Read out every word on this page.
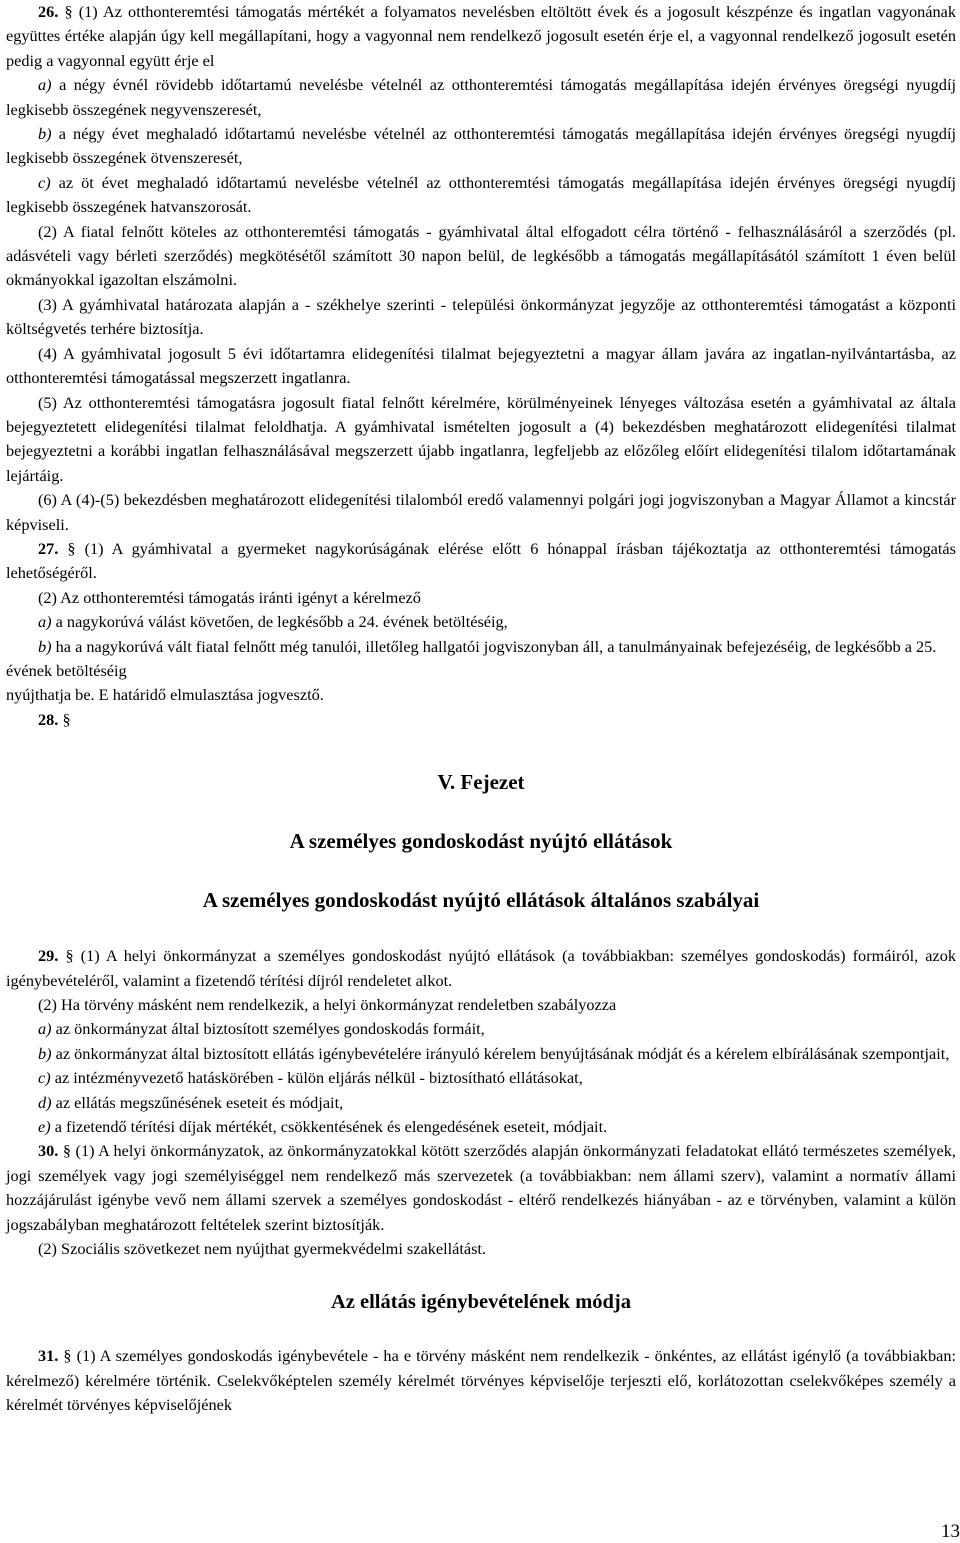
26. § (1) Az otthonteremtési támogatás mértékét a folyamatos nevelésben eltöltött évek és a jogosult készpénze és ingatlan vagyonának együttes értéke alapján úgy kell megállapítani, hogy a vagyonnal nem rendelkező jogosult esetén érje el, a vagyonnal rendelkező jogosult esetén pedig a vagyonnal együtt érje el

a) a négy évnél rövidebb időtartamú nevelésbe vételnél az otthonteremtési támogatás megállapítása idején érvényes öregségi nyugdíj legkisebb összegének negyvenszeresét,

b) a négy évet meghaladó időtartamú nevelésbe vételnél az otthonteremtési támogatás megállapítása idején érvényes öregségi nyugdíj legkisebb összegének ötvenszeresét,

c) az öt évet meghaladó időtartamú nevelésbe vételnél az otthonteremtési támogatás megállapítása idején érvényes öregségi nyugdíj legkisebb összegének hatvanszorosát.

(2) A fiatal felnőtt köteles az otthonteremtési támogatás - gyámhivatal által elfogadott célra történő - felhasználásáról a szerződés (pl. adásvételi vagy bérleti szerződés) megkötésétől számított 30 napon belül, de legkésőbb a támogatás megállapításától számított 1 éven belül okmányokkal igazoltan elszámolni.

(3) A gyámhivatal határozata alapján a - székhelye szerinti - települési önkormányzat jegyzője az otthonteremtési támogatást a központi költségvetés terhére biztosítja.

(4) A gyámhivatal jogosult 5 évi időtartamra elidegenítési tilalmat bejegyeztetni a magyar állam javára az ingatlan-nyilvántartásba, az otthonteremtési támogatással megszerzett ingatlanra.

(5) Az otthonteremtési támogatásra jogosult fiatal felnőtt kérelmére, körülményeinek lényeges változása esetén a gyámhivatal az általa bejegyeztetett elidegenítési tilalmat feloldhatja. A gyámhivatal ismételten jogosult a (4) bekezdésben meghatározott elidegenítési tilalmat bejegyeztetni a korábbi ingatlan felhasználásával megszerzett újabb ingatlanra, legfeljebb az előzőleg előírt elidegenítési tilalom időtartamának lejártáig.

(6) A (4)-(5) bekezdésben meghatározott elidegenítési tilalomból eredő valamennyi polgári jogi jogviszonyban a Magyar Államot a kincstár képviseli.

27. § (1) A gyámhivatal a gyermeket nagykorúságának elérése előtt 6 hónappal írásban tájékoztatja az otthonteremtési támogatás lehetőségéről.

(2) Az otthonteremtési támogatás iránti igényt a kérelmező

a) a nagykorúvá válást követően, de legkésőbb a 24. évének betöltéséig,

b) ha a nagykorúvá vált fiatal felnőtt még tanulói, illetőleg hallgatói jogviszonyban áll, a tanulmányainak befejezéséig, de legkésőbb a 25. évének betöltéséig

nyújthatja be. E határidő elmulasztása jogvesztő.

28. §

V. Fejezet
A személyes gondoskodást nyújtó ellátások
A személyes gondoskodást nyújtó ellátások általános szabályai

29. § (1) A helyi önkormányzat a személyes gondoskodást nyújtó ellátások (a továbbiakban: személyes gondoskodás) formáiról, azok igénybevételéről, valamint a fizetendő térítési díjról rendeletet alkot.

(2) Ha törvény másként nem rendelkezik, a helyi önkormányzat rendeletben szabályozza

a) az önkormányzat által biztosított személyes gondoskodás formáit,

b) az önkormányzat által biztosított ellátás igénybevételére irányuló kérelem benyújtásának módját és a kérelem elbírálásának szempontjait,

c) az intézményvezető hatáskörében - külön eljárás nélkül - biztosítható ellátásokat,

d) az ellátás megszűnésének eseteit és módjait,

e) a fizetendő térítési díjak mértékét, csökkentésének és elengedésének eseteit, módjait.

30. § (1) A helyi önkormányzatok, az önkormányzatokkal kötött szerződés alapján önkormányzati feladatokat ellátó természetes személyek, jogi személyek vagy jogi személyiséggel nem rendelkező más szervezetek (a továbbiakban: nem állami szerv), valamint a normatív állami hozzájárulást igénybe vevő nem állami szervek a személyes gondoskodást - eltérő rendelkezés hiányában - az e törvényben, valamint a külön jogszabályban meghatározott feltételek szerint biztosítják.

(2) Szociális szövetkezet nem nyújthat gyermekvédelmi szakellátást.

Az ellátás igénybevételének módja

31. § (1) A személyes gondoskodás igénybevétele - ha e törvény másként nem rendelkezik - önkéntes, az ellátást igénylő (a továbbiakban: kérelmező) kérelmére történik. Cselekvőképtelen személy kérelmét törvényes képviselője terjeszti elő, korlátozottan cselekvőképes személy a kérelmét törvényes képviselőjének

13
